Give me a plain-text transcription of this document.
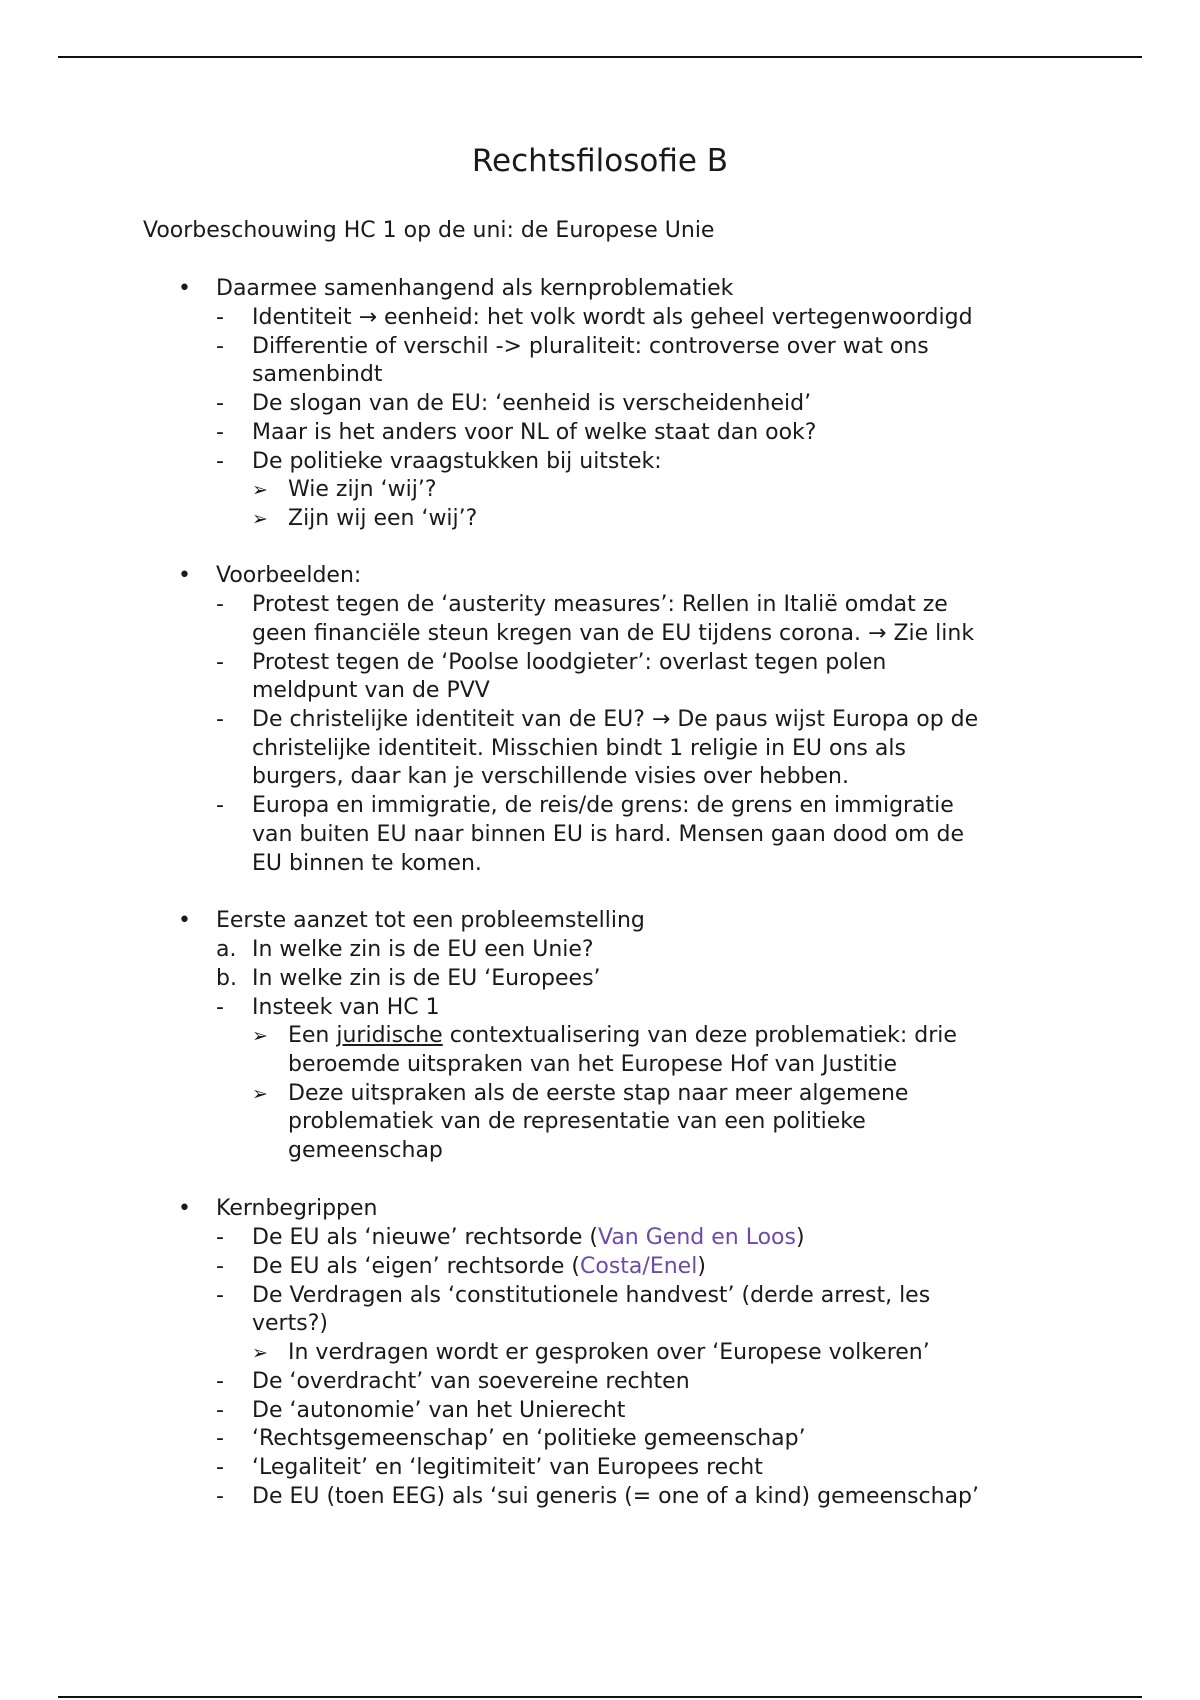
Rechtsfilosofie B

Voorbeschouwing HC 1 op de uni: de Europese Unie

• Daarmee samenhangend als kernproblematiek
- Identiteit → eenheid: het volk wordt als geheel vertegenwoordigd
- Differentie of verschil -> pluraliteit: controverse over wat ons
samenbindt
- De slogan van de EU: ‘eenheid is verscheidenheid’
- Maar is het anders voor NL of welke staat dan ook?
- De politieke vraagstukken bij uitstek:
➢ Wie zijn ‘wij’?
➢ Zijn wij een ‘wij’?
• Voorbeelden:
- Protest tegen de ‘austerity measures’: Rellen in Italië omdat ze
geen financiële steun kregen van de EU tijdens corona. → Zie link
- Protest tegen de ‘Poolse loodgieter’: overlast tegen polen
meldpunt van de PVV
- De christelijke identiteit van de EU? → De paus wijst Europa op de
christelijke identiteit. Misschien bindt 1 religie in EU ons als
burgers, daar kan je verschillende visies over hebben.
- Europa en immigratie, de reis/de grens: de grens en immigratie
van buiten EU naar binnen EU is hard. Mensen gaan dood om de
EU binnen te komen.
• Eerste aanzet tot een probleemstelling
a. In welke zin is de EU een Unie?
b. In welke zin is de EU ‘Europees’
- Insteek van HC 1
➢ Een juridische contextualisering van deze problematiek: drie
beroemde uitspraken van het Europese Hof van Justitie
➢ Deze uitspraken als de eerste stap naar meer algemene
problematiek van de representatie van een politieke
gemeenschap
• Kernbegrippen
- De EU als ‘nieuwe’ rechtsorde (Van Gend en Loos)
- De EU als ‘eigen’ rechtsorde (Costa/Enel)
- De Verdragen als ‘constitutionele handvest’ (derde arrest, les
verts?)
➢ In verdragen wordt er gesproken over ‘Europese volkeren’
- De ‘overdracht’ van soevereine rechten
- De ‘autonomie’ van het Unierecht
- ‘Rechtsgemeenschap’ en ‘politieke gemeenschap’
- ‘Legaliteit’ en ‘legitimiteit’ van Europees recht
- De EU (toen EEG) als ‘sui generis (= one of a kind) gemeenschap’
